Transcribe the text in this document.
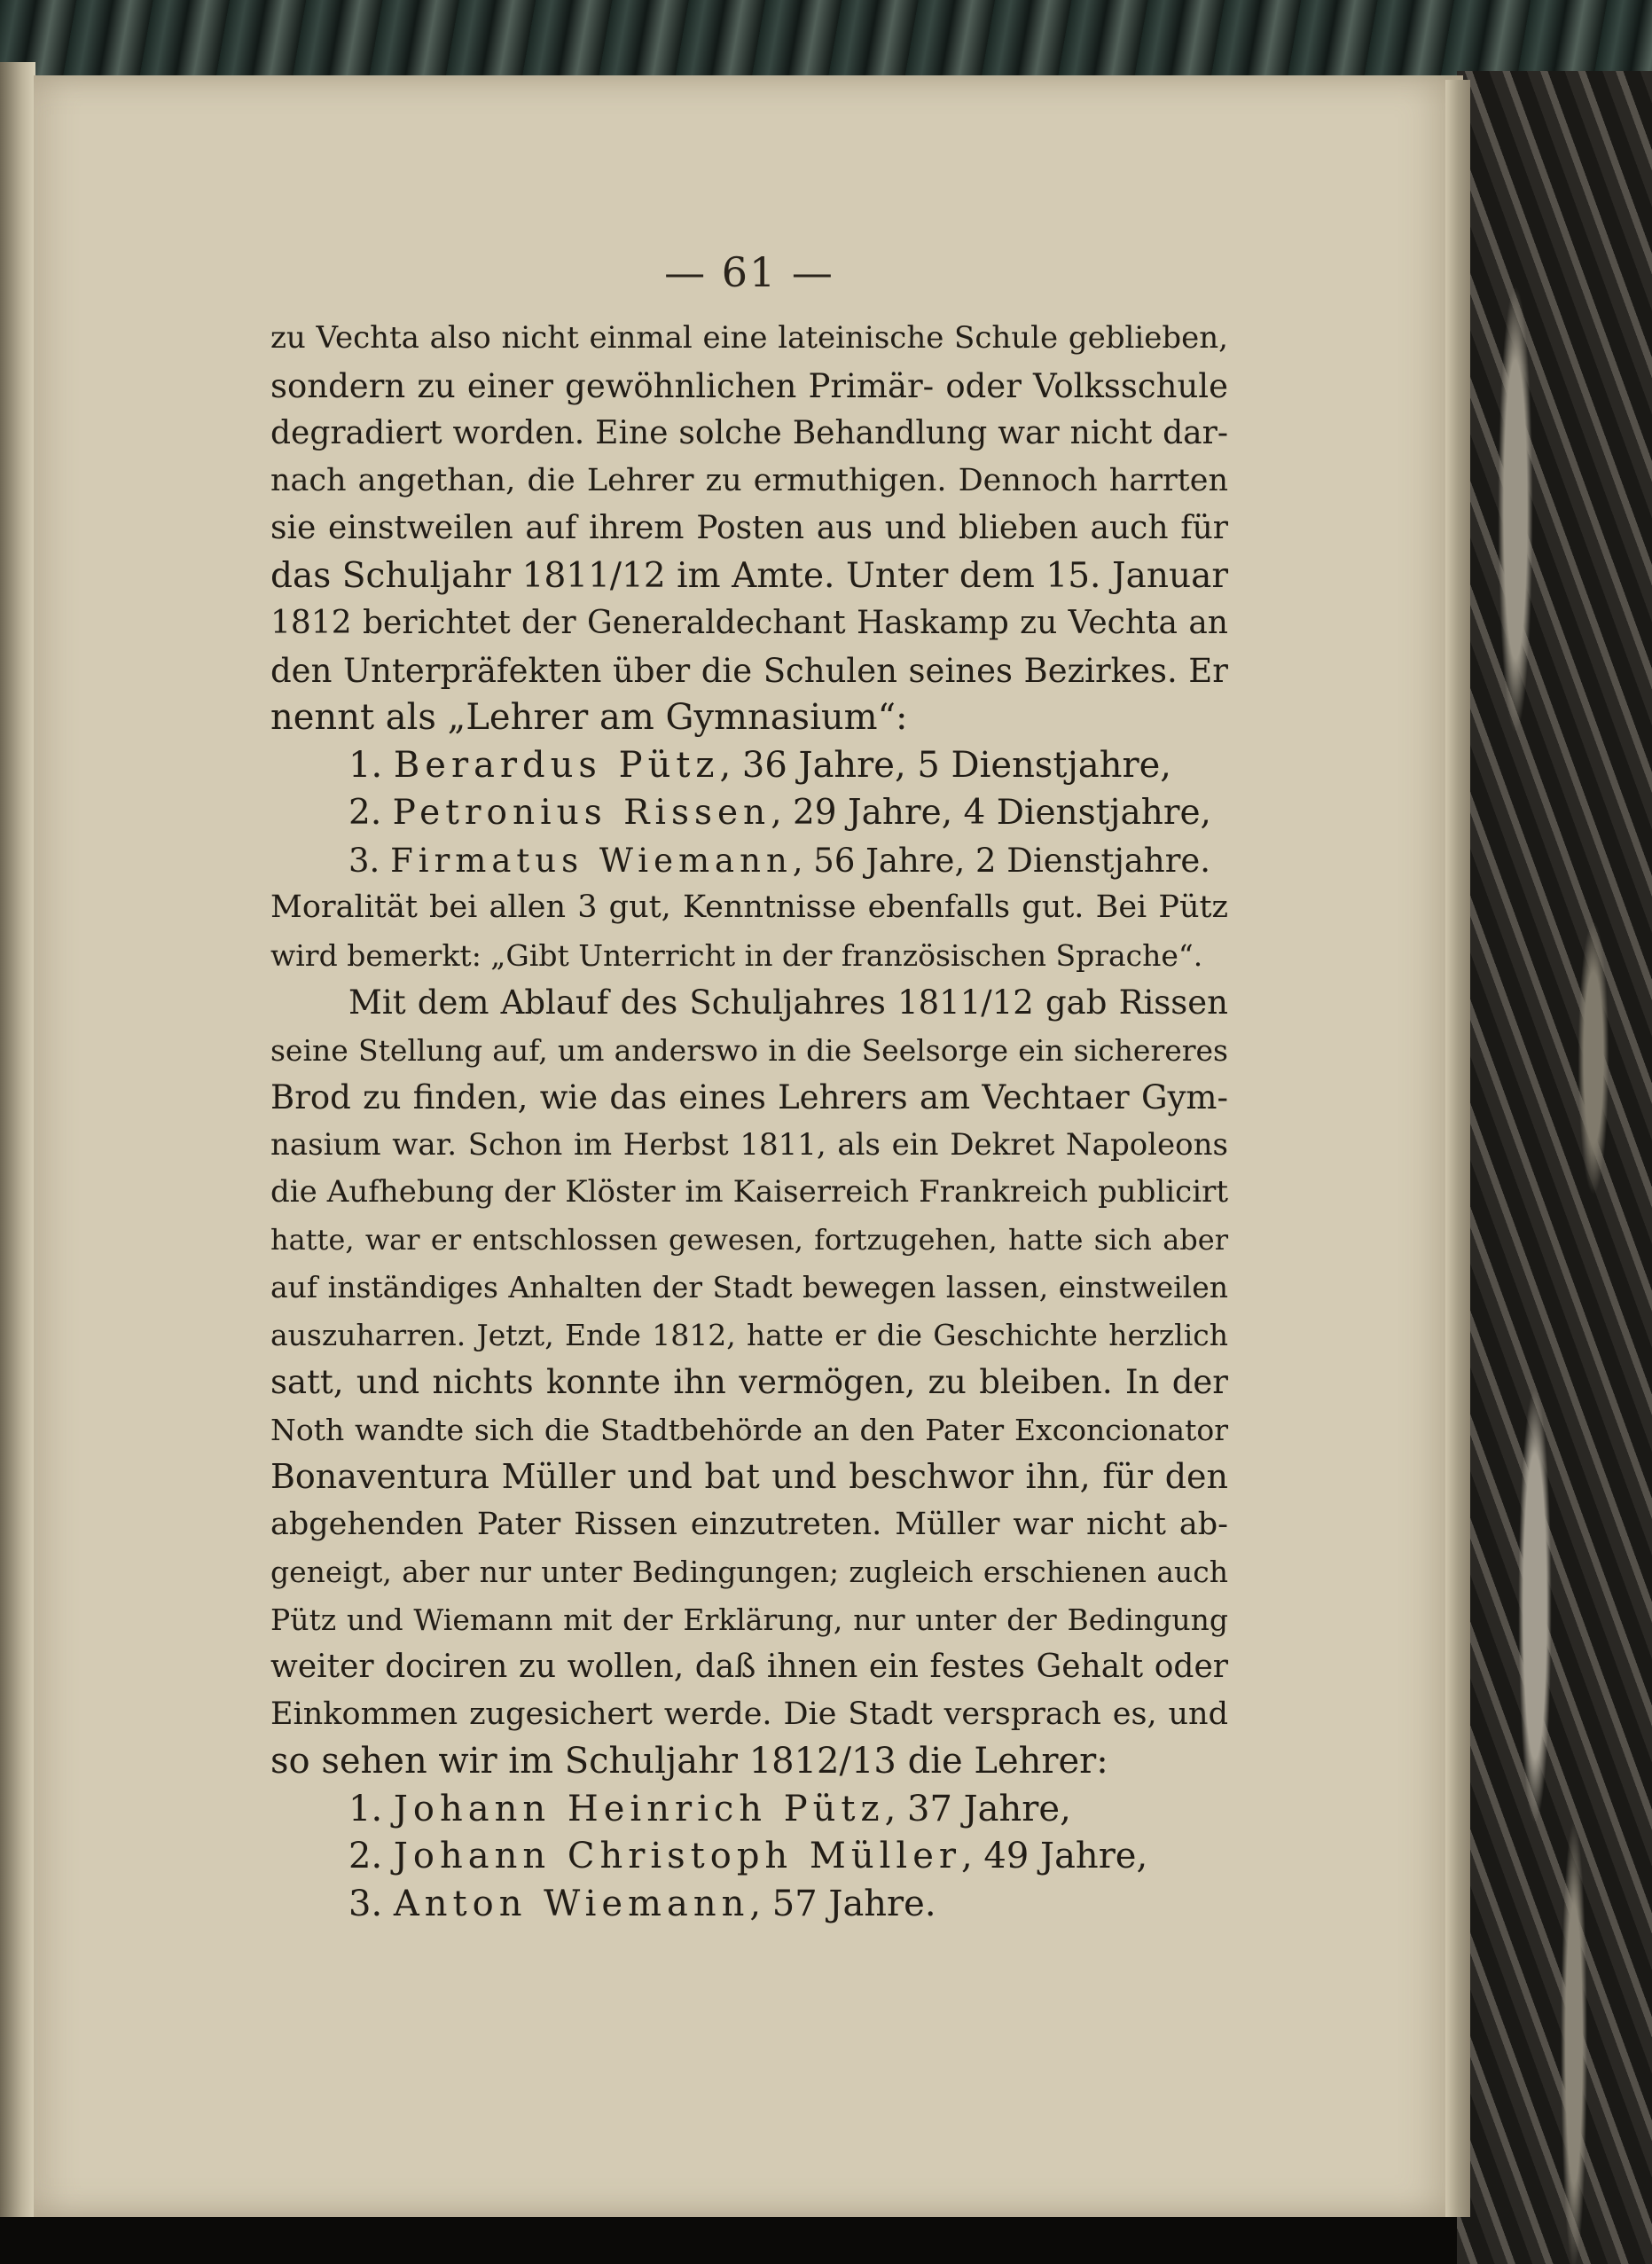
— 61 —
zu Vechta also nicht einmal eine lateinische Schule geblieben,
sondern zu einer gewöhnlichen Primär- oder Volksschule
degradiert worden. Eine solche Behandlung war nicht dar-
nach angethan, die Lehrer zu ermuthigen. Dennoch harrten
sie einstweilen auf ihrem Posten aus und blieben auch für
das Schuljahr 1811/12 im Amte. Unter dem 15. Januar
1812 berichtet der Generaldechant Haskamp zu Vechta an
den Unterpräfekten über die Schulen seines Bezirkes. Er
nennt als „Lehrer am Gymnasium“:
1. Berardus Pütz, 36 Jahre, 5 Dienstjahre,
2. Petronius Rissen, 29 Jahre, 4 Dienstjahre,
3. Firmatus Wiemann, 56 Jahre, 2 Dienstjahre.
Moralität bei allen 3 gut, Kenntnisse ebenfalls gut. Bei Pütz
wird bemerkt: „Gibt Unterricht in der französischen Sprache“.
Mit dem Ablauf des Schuljahres 1811/12 gab Rissen
seine Stellung auf, um anderswo in die Seelsorge ein sichereres
Brod zu finden, wie das eines Lehrers am Vechtaer Gym-
nasium war. Schon im Herbst 1811, als ein Dekret Napoleons
die Aufhebung der Klöster im Kaiserreich Frankreich publicirt
hatte, war er entschlossen gewesen, fortzugehen, hatte sich aber
auf inständiges Anhalten der Stadt bewegen lassen, einstweilen
auszuharren. Jetzt, Ende 1812, hatte er die Geschichte herzlich
satt, und nichts konnte ihn vermögen, zu bleiben. In der
Noth wandte sich die Stadtbehörde an den Pater Exconcionator
Bonaventura Müller und bat und beschwor ihn, für den
abgehenden Pater Rissen einzutreten. Müller war nicht ab-
geneigt, aber nur unter Bedingungen; zugleich erschienen auch
Pütz und Wiemann mit der Erklärung, nur unter der Bedingung
weiter dociren zu wollen, daß ihnen ein festes Gehalt oder
Einkommen zugesichert werde. Die Stadt versprach es, und
so sehen wir im Schuljahr 1812/13 die Lehrer:
1. Johann Heinrich Pütz, 37 Jahre,
2. Johann Christoph Müller, 49 Jahre,
3. Anton Wiemann, 57 Jahre.
